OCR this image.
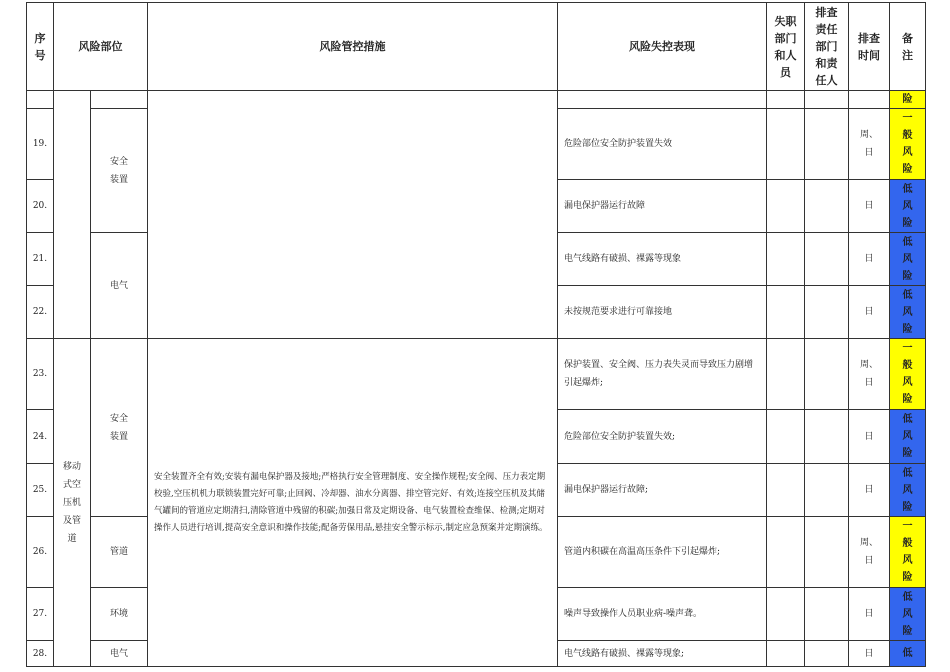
序号	风险部位		风险管控措施	风险失控表现	失职部门和人员	排查责任部门和责任人	排查时间	备注

								险
19.		安全装置		危险部位安全防护装置失效			周、日	一般风险

20.				漏电保护器运行故障			日	低风险

21.		电气		电气线路有破损、裸露等现象			日	低风险

22.				未按规范要求进行可靠接地			日	低风险

23.	移动式空压机及管道	安全装置	安全装置齐全有效;安装有漏电保护器及接地;严格执行安全管理制度、安全操作规程;安全阀、压力表定期校验,空压机机力联锁装置完好可靠;止回阀、冷却器、油水分离器、排空管完好、有效;连接空压机及其储气罐间的管道应定期清扫,清除管道中残留的积碳;加强日常及定期设备、电气装置检查维保、检测;定期对操作人员进行培训,提高安全意识和操作技能;配备劳保用品,悬挂安全警示标示,制定应急预案并定期演练。	保护装置、安全阀、压力表失灵而导致压力剧增引起爆炸;			周、日	一般风险

24.				危险部位安全防护装置失效;			日	低风险

25.				漏电保护器运行故障;			日	低风险

26.		管道		管道内积碳在高温高压条件下引起爆炸;			周、日	一般风险

27.		环境		噪声导致操作人员职业病-噪声聋。			日	低风险

28.		电气		电气线路有破损、裸露等现象;			日	低
